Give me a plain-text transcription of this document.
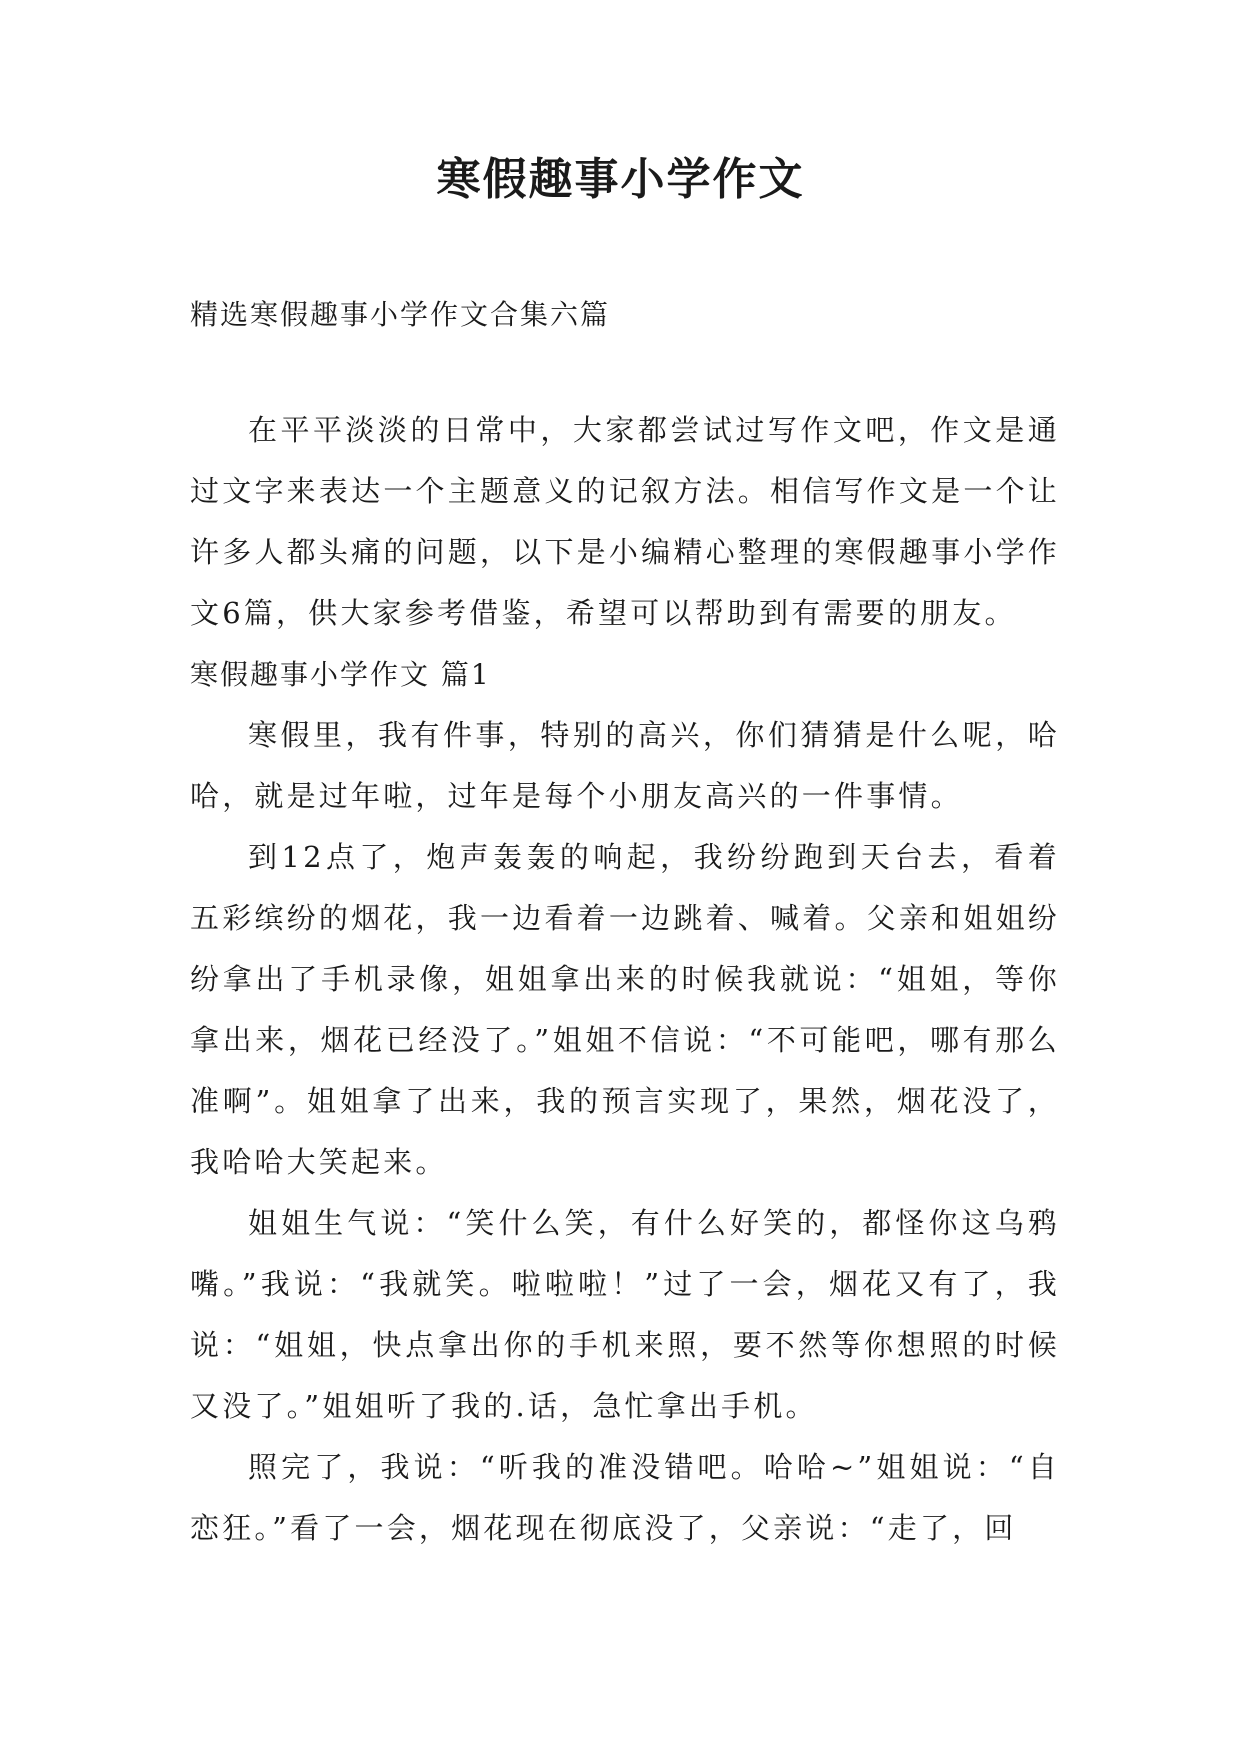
寒假趣事小学作文
精选寒假趣事小学作文合集六篇

在平平淡淡的日常中，大家都尝试过写作文吧，作文是通过文字来表达一个主题意义的记叙方法。相信写作文是一个让许多人都头痛的问题，以下是小编精心整理的寒假趣事小学作文6篇，供大家参考借鉴，希望可以帮助到有需要的朋友。

寒假趣事小学作文 篇1

寒假里，我有件事，特别的高兴，你们猜猜是什么呢，哈哈，就是过年啦，过年是每个小朋友高兴的一件事情。

到12点了，炮声轰轰的响起，我纷纷跑到天台去，看着五彩缤纷的烟花，我一边看着一边跳着、喊着。父亲和姐姐纷纷拿出了手机录像，姐姐拿出来的时候我就说：“姐姐，等你拿出来，烟花已经没了。”姐姐不信说：“不可能吧，哪有那么准啊”。姐姐拿了出来，我的预言实现了，果然，烟花没了，我哈哈大笑起来。

姐姐生气说：“笑什么笑，有什么好笑的，都怪你这乌鸦嘴。”我说：“我就笑。啦啦啦！”过了一会，烟花又有了，我说：“姐姐，快点拿出你的手机来照，要不然等你想照的时候又没了。”姐姐听了我的.话，急忙拿出手机。

照完了，我说：“听我的准没错吧。哈哈~”姐姐说：“自恋狂。”看了一会，烟花现在彻底没了，父亲说：“走了，回
